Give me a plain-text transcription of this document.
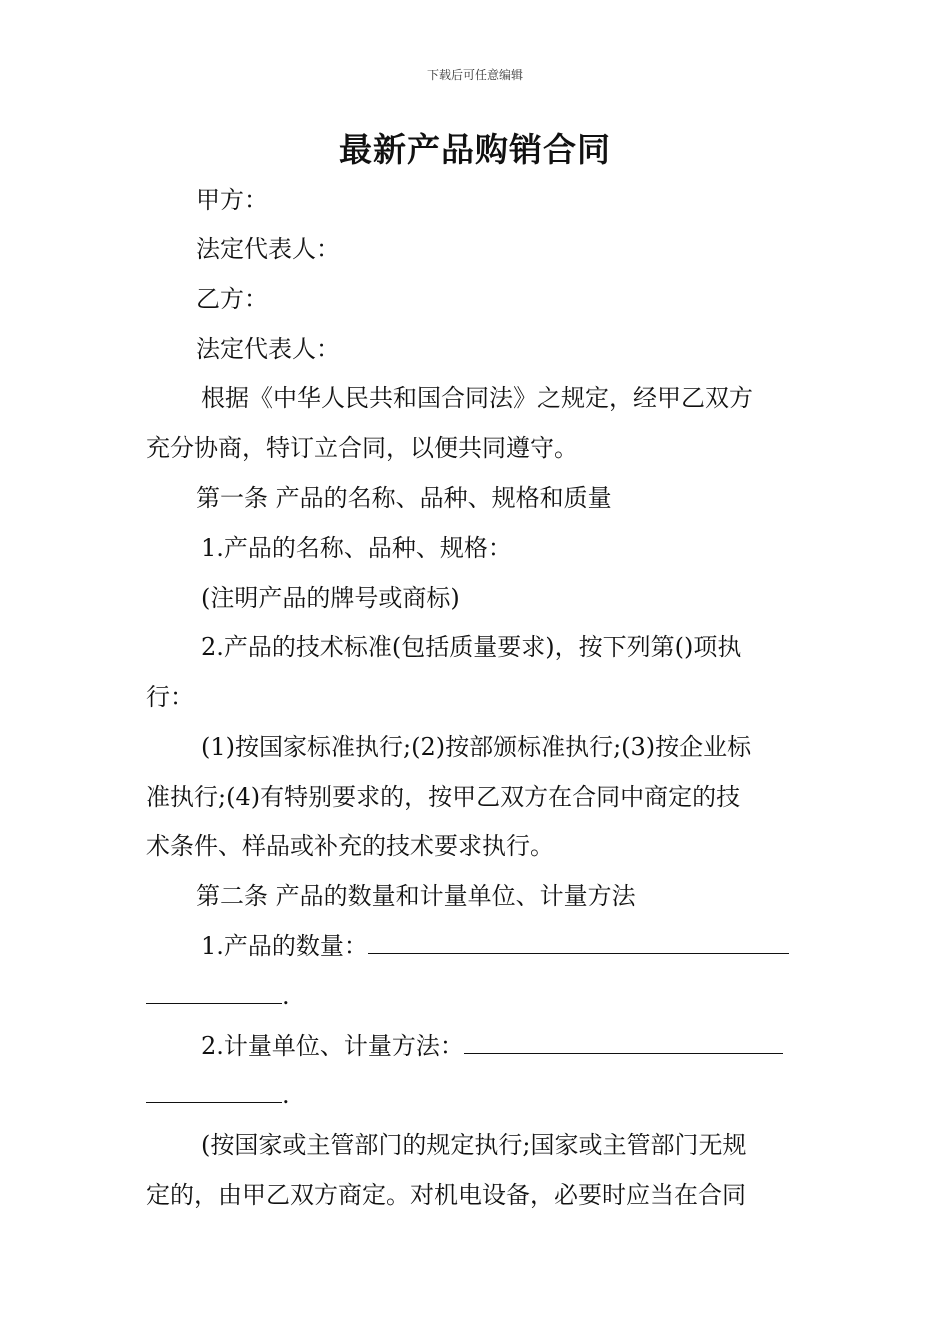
下载后可任意编辑
最新产品购销合同
甲方：
法定代表人：
乙方：
法定代表人：
根据《中华人民共和国合同法》之规定，经甲乙双方
充分协商，特订立合同，以便共同遵守。
第一条 产品的名称、品种、规格和质量
1.产品的名称、品种、规格：
(注明产品的牌号或商标)
2.产品的技术标准(包括质量要求)，按下列第()项执
行：
(1)按国家标准执行;(2)按部颁标准执行;(3)按企业标
准执行;(4)有特别要求的，按甲乙双方在合同中商定的技
术条件、样品或补充的技术要求执行。
第二条 产品的数量和计量单位、计量方法
1.产品的数量：
.
2.计量单位、计量方法：
.
(按国家或主管部门的规定执行;国家或主管部门无规
定的，由甲乙双方商定。对机电设备，必要时应当在合同
